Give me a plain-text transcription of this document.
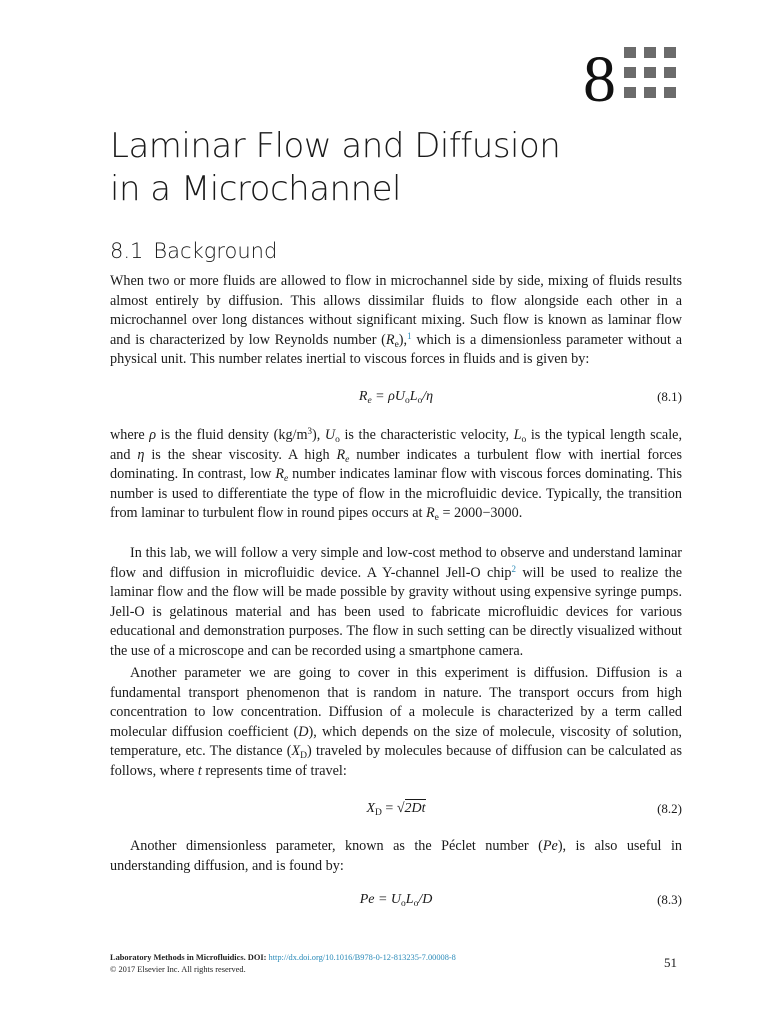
8
Laminar Flow and Diffusion
in a Microchannel
8.1 Background
When two or more fluids are allowed to flow in microchannel side by side, mixing of fluids results almost entirely by diffusion. This allows dissimilar fluids to flow alongside each other in a microchannel over long distances without significant mixing. Such flow is known as laminar flow and is characterized by low Reynolds number $(R_e),^1$ which is a dimensionless parameter without a physical unit. This number relates inertial to viscous forces in fluids and is given by:
$R_e = \rho U_oL_o/\eta$	(8.1)
where ρ is the fluid density $(kg/m^3)$, $U_o$ is the characteristic velocity, $L_o$ is the typical length scale, and η is the shear viscosity. A high $R_e$ number indicates a turbulent flow with inertial forces dominating. In contrast, low $R_e$ number indicates laminar flow with viscous forces dominating. This number is used to differentiate the type of flow in the microfluidic device. Typically, the transition from laminar to turbulent flow in round pipes occurs at $R_e = 2000-3000$.
In this lab, we will follow a very simple and low-cost method to observe and understand laminar flow and diffusion in microfluidic device. A Y-channel Jell-O chip$^2$ will be used to realize the laminar flow and the flow will be made possible by gravity without using expensive syringe pumps. Jell-O is gelatinous material and has been used to fabricate microfluidic devices for various educational and demonstration purposes. The flow in such setting can be directly visualized without the use of a microscope and can be recorded using a smartphone camera.
Another parameter we are going to cover in this experiment is diffusion. Diffusion is a fundamental transport phenomenon that is random in nature. The transport occurs from high concentration to low concentration. Diffusion of a molecule is characterized by a term called molecular diffusion coefficient (D), which depends on the size of molecule, viscosity of solution, temperature, etc. The distance $(X_D)$ traveled by molecules because of diffusion can be calculated as follows, where t represents time of travel:
$X_D = √2Dt$	(8.2)
Another dimensionless parameter, known as the Péclet number (Pe), is also useful in understanding diffusion, and is found by:
$Pe = U_oL_o/D$	(8.3)
Laboratory Methods in Microfluidics. DOI: http://dx.doi.org/10.1016/B978-0-12-813235-7.00008-8
© 2017 Elsevier Inc. All rights reserved.	51
